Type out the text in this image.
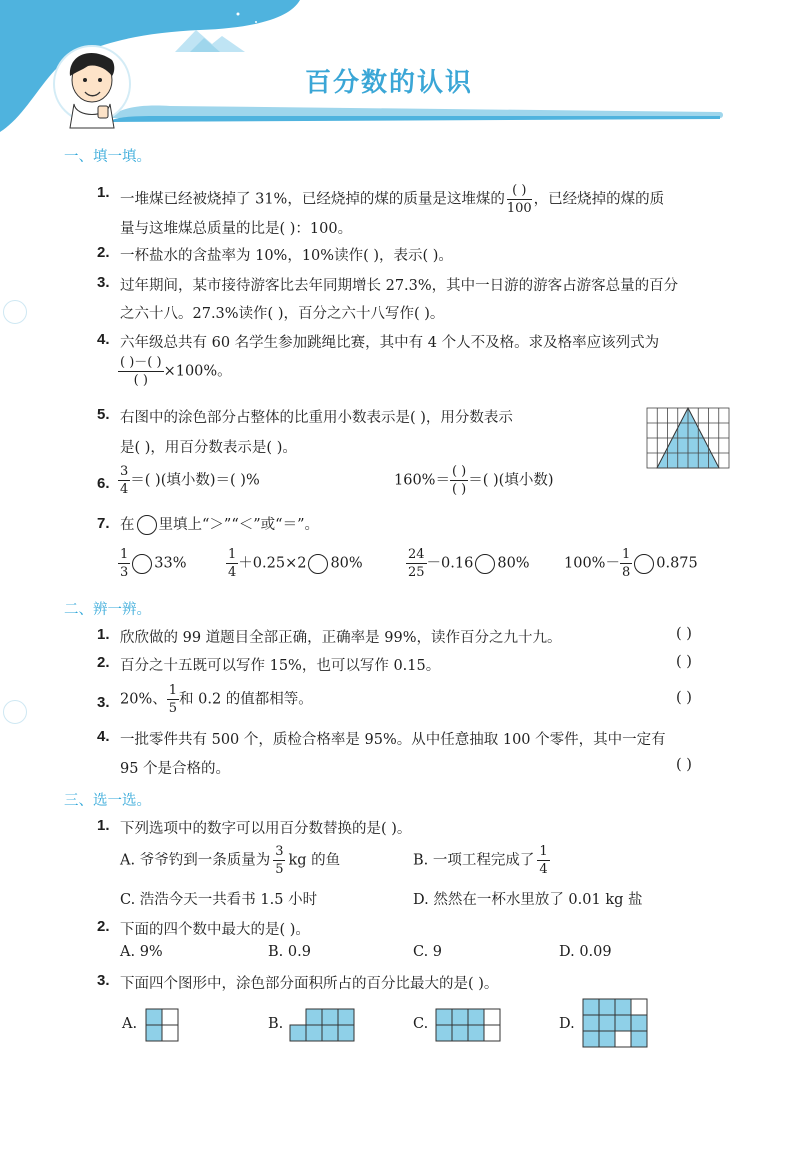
百分数的认识
一、填一填。
1. 一堆煤已经被烧掉了 31%，已经烧掉的煤的质量是这堆煤的 $\frac{( )}{100}$ ，已经烧掉的煤的质
量与这堆煤总质量的比是( )：100。
2. 一杯盐水的含盐率为 10%，10%读作( )，表示( )。
3. 过年期间，某市接待游客比去年同期增长 27.3%，其中一日游的游客占游客总量的百分
之六十八。27.3%读作( )，百分之六十八写作( )。
4. 六年级总共有 60 名学生参加跳绳比赛，其中有 4 个人不及格。求及格率应该列式为
$\frac{( )-( )}{( )} \times 100\%$。
5. 右图中的涂色部分占整体的比重用小数表示是( )，用分数表示
是( )，用百分数表示是( )。
6. $\frac{3}{4}$ ＝( )(填小数)＝( )%	$160\%= \frac{( )}{( )}$ ＝( )(填小数)
7. 在 里填上“＞”“＜”或“＝”。
$\frac{1}{3} 33\%$	$\frac{1}{4} +0.25\times 2$ 80%	$\frac{24}{25} -0.16$ 80% $100\%- \frac{1}{8} 0.875$
二、辨一辨。
1. 欣欣做的 99 道题目全部正确，正确率是 99%，读作百分之九十九。	( )
2. 百分之十五既可以写作 15%，也可以写作 0.15。	( )
3. 20%、 $\frac{1}{5}$ 和 0.2 的值都相等。	( )
4. 一批零件共有 500 个，质检合格率是 95%。从中任意抽取 100 个零件，其中一定有
95 个是合格的。	( )
三、选一选。
1. 下列选项中的数字可以用百分数替换的是( )。
A. 爷爷钓到一条质量为 $\frac{3}{5}$ kg 的鱼	B. 一项工程完成了 $\frac{1}{4}$
C. 浩浩今天一共看书 1.5 小时	D. 然然在一杯水里放了 0.01 kg 盐
2. 下面的四个数中最大的是( )。
A. 9%	B. 0.9	C. 9	D. 0.09
3. 下面四个图形中，涂色部分面积所占的百分比最大的是( )。
A.	B.	C.	D.
